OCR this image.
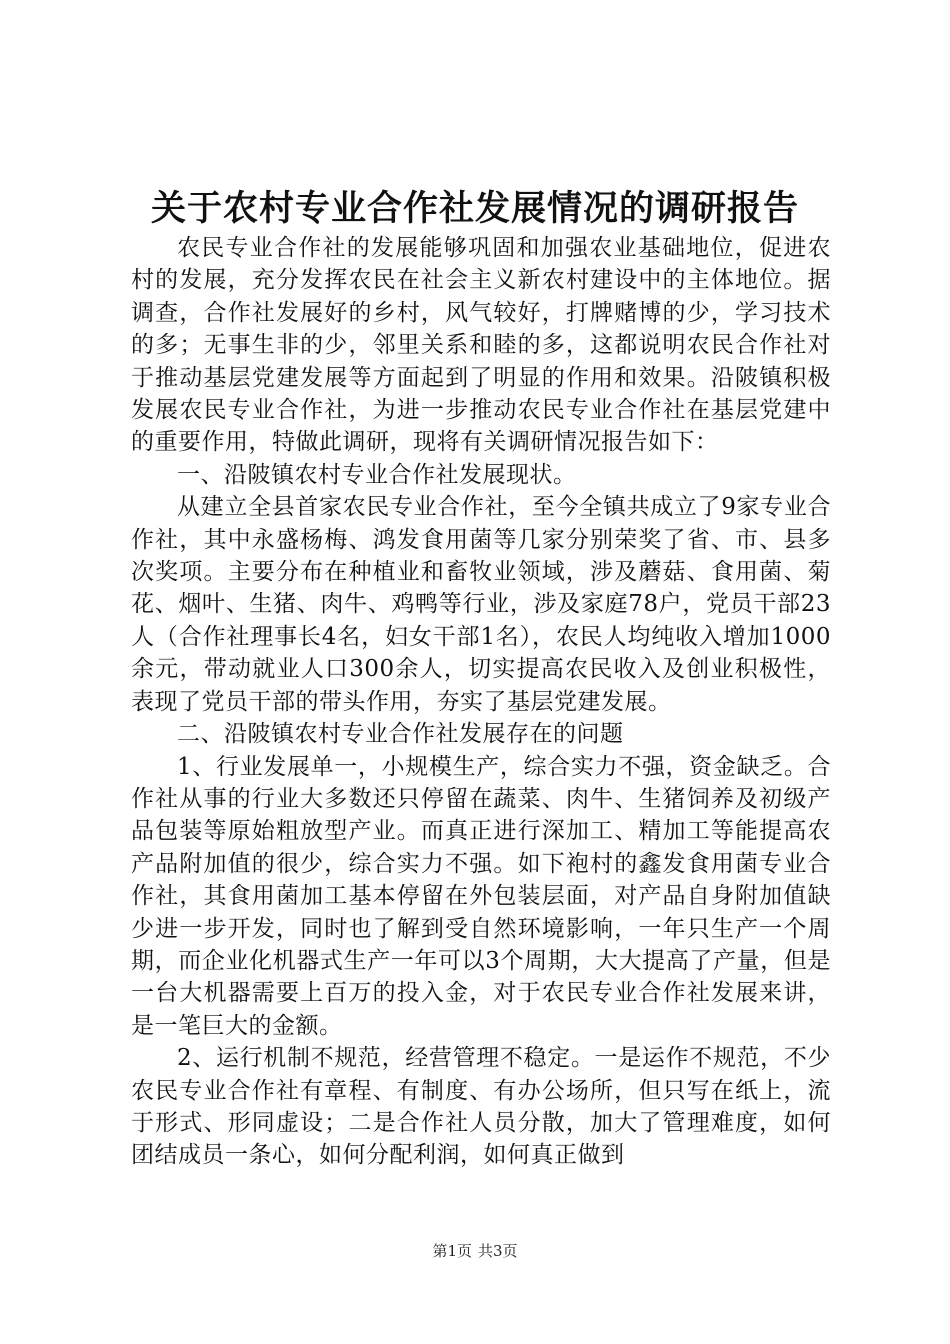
关于农村专业合作社发展情况的调研报告

农民专业合作社的发展能够巩固和加强农业基础地位，促进农村的发展，充分发挥农民在社会主义新农村建设中的主体地位。据调查，合作社发展好的乡村，风气较好，打牌赌博的少，学习技术的多；无事生非的少，邻里关系和睦的多，这都说明农民合作社对于推动基层党建发展等方面起到了明显的作用和效果。沿陂镇积极发展农民专业合作社，为进一步推动农民专业合作社在基层党建中的重要作用，特做此调研，现将有关调研情况报告如下：

一、沿陂镇农村专业合作社发展现状。

从建立全县首家农民专业合作社，至今全镇共成立了9家专业合作社，其中永盛杨梅、鸿发食用菌等几家分别荣奖了省、市、县多次奖项。主要分布在种植业和畜牧业领域，涉及蘑菇、食用菌、菊花、烟叶、生猪、肉牛、鸡鸭等行业，涉及家庭78户，党员干部23人（合作社理事长4名，妇女干部1名），农民人均纯收入增加1000余元，带动就业人口300余人，切实提高农民收入及创业积极性，表现了党员干部的带头作用，夯实了基层党建发展。

二、沿陂镇农村专业合作社发展存在的问题

1、行业发展单一，小规模生产，综合实力不强，资金缺乏。合作社从事的行业大多数还只停留在蔬菜、肉牛、生猪饲养及初级产品包装等原始粗放型产业。而真正进行深加工、精加工等能提高农产品附加值的很少，综合实力不强。如下袍村的鑫发食用菌专业合作社，其食用菌加工基本停留在外包装层面，对产品自身附加值缺少进一步开发，同时也了解到受自然环境影响，一年只生产一个周期，而企业化机器式生产一年可以3个周期，大大提高了产量，但是一台大机器需要上百万的投入金，对于农民专业合作社发展来讲，是一笔巨大的金额。

2、运行机制不规范，经营管理不稳定。一是运作不规范，不少农民专业合作社有章程、有制度、有办公场所，但只写在纸上，流于形式、形同虚设；二是合作社人员分散，加大了管理难度，如何团结成员一条心，如何分配利润，如何真正做到

第1页 共3页
